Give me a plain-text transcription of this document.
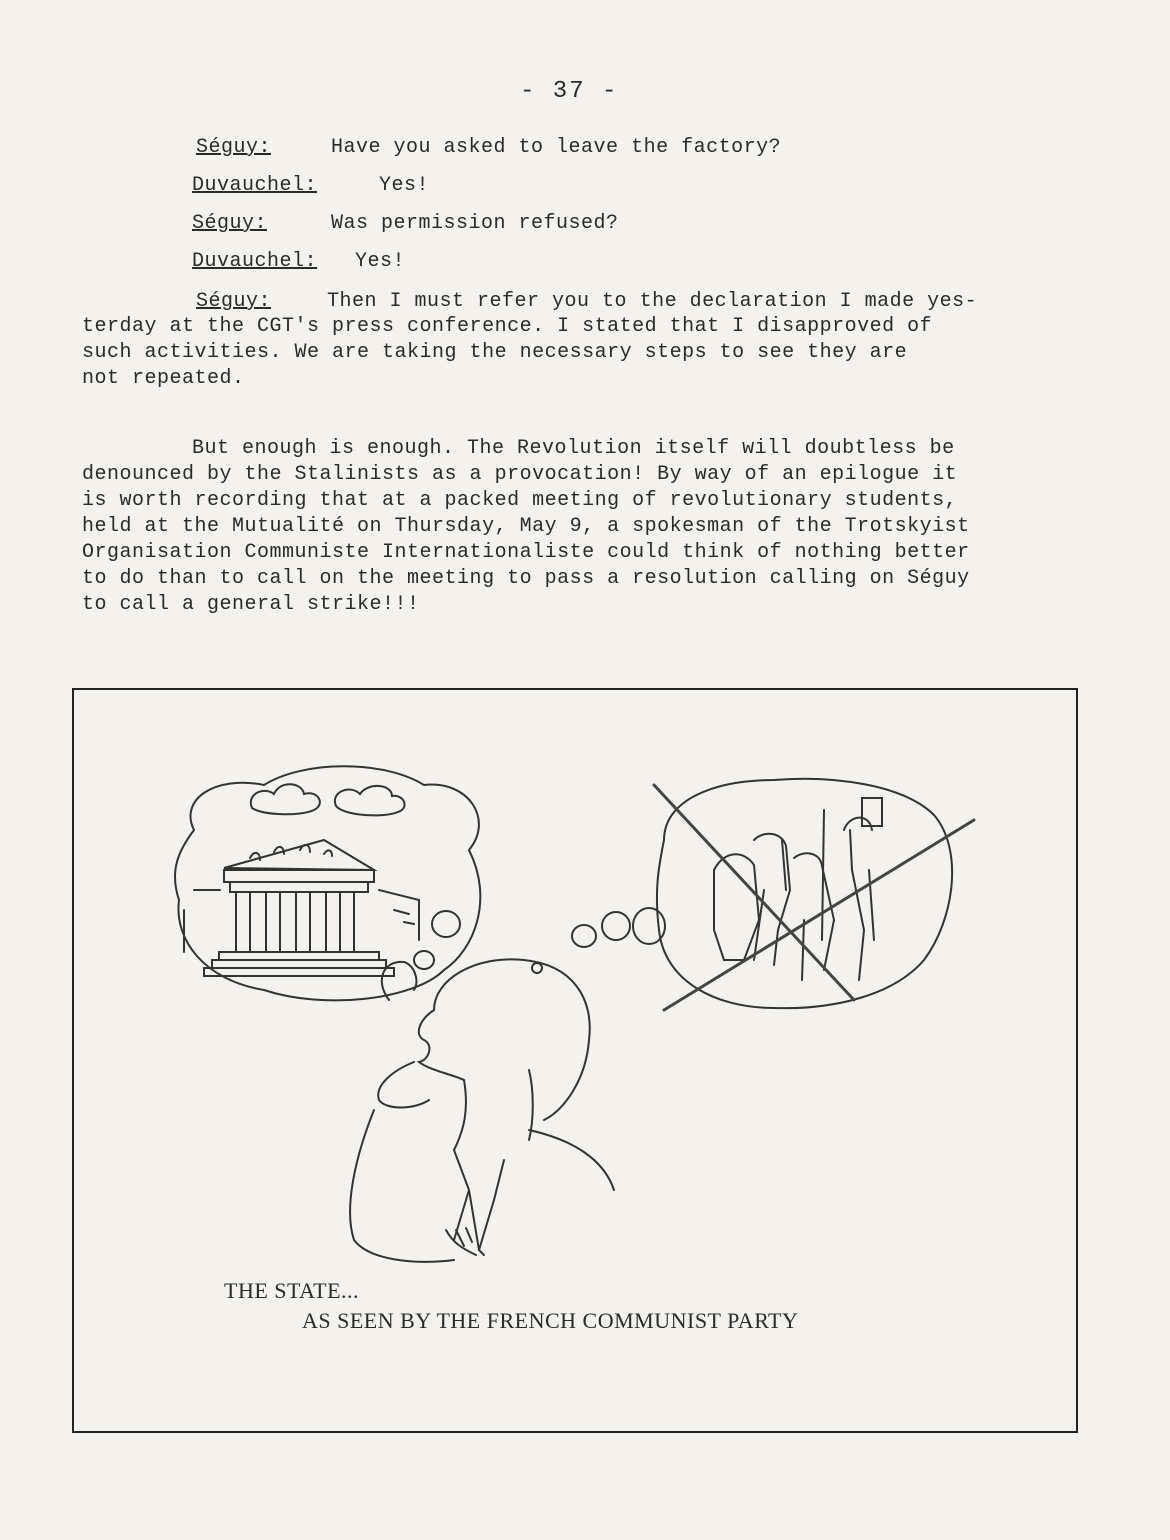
- 37 -
Séguy:	Have you asked to leave the factory?
Duvauchel:	Yes!
Séguy:	Was permission refused?
Duvauchel: Yes!
Séguy:	Then I must refer you to the declaration I made yes-
terday at the CGT's press conference. I stated that I disapproved of
such activities. We are taking the necessary steps to see they are
not repeated.
But enough is enough. The Revolution itself will doubtless be
denounced by the Stalinists as a provocation! By way of an epilogue it
is worth recording that at a packed meeting of revolutionary students,
held at the Mutualité on Thursday, May 9, a spokesman of the Trotskyist
Organisation Communiste Internationaliste could think of nothing better
to do than to call on the meeting to pass a resolution calling on Séguy
to call a general strike!!!
THE STATE...
AS SEEN BY THE FRENCH COMMUNIST PARTY
